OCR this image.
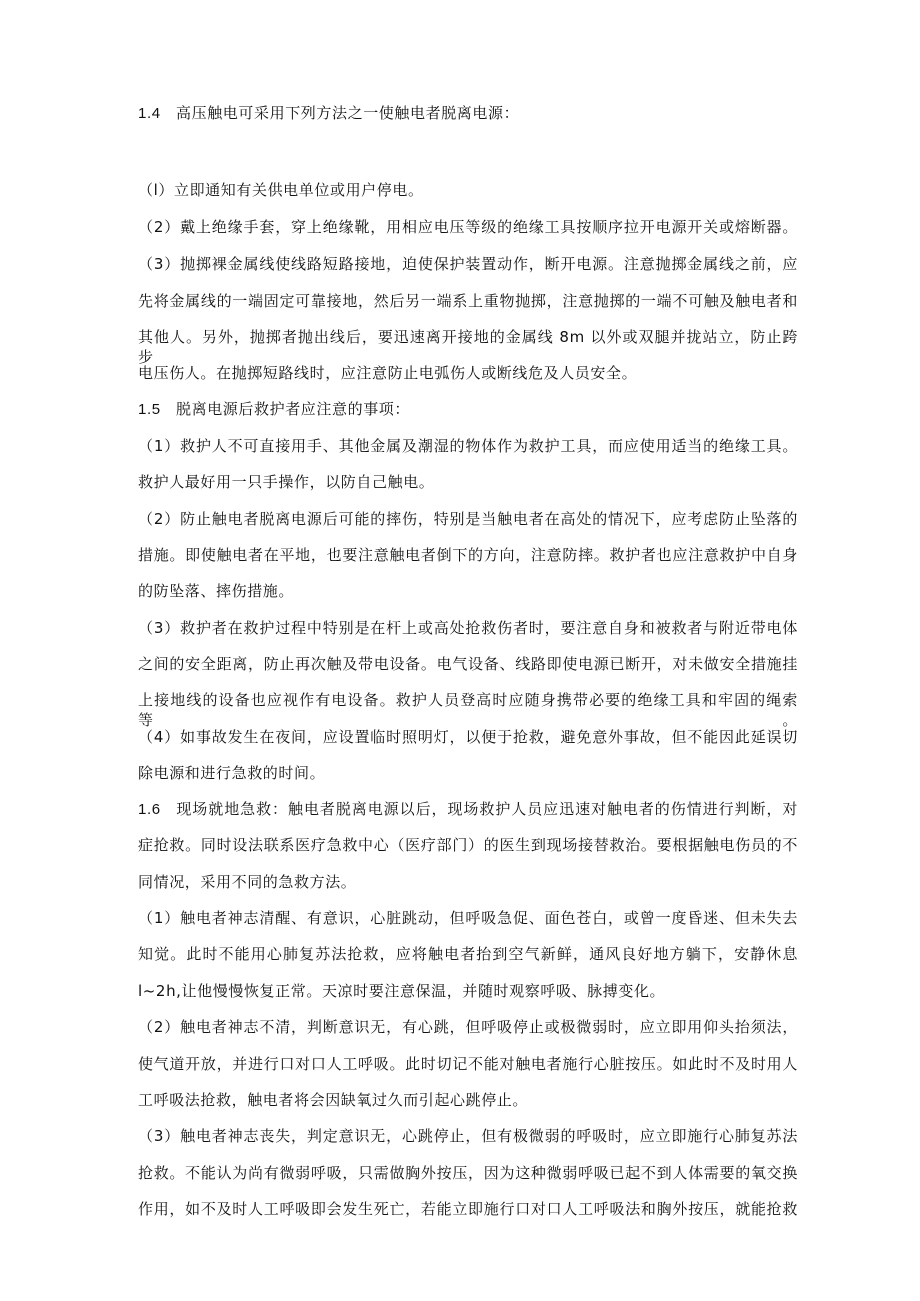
1.4 高压触电可采用下列方法之一使触电者脱离电源：
（l）立即通知有关供电单位或用户停电。
（2）戴上绝缘手套，穿上绝缘靴，用相应电压等级的绝缘工具按顺序拉开电源开关或熔断器。
（3）抛掷裸金属线使线路短路接地，迫使保护装置动作，断开电源。注意抛掷金属线之前，应
先将金属线的一端固定可靠接地，然后另一端系上重物抛掷，注意抛掷的一端不可触及触电者和
其他人。另外，抛掷者抛出线后，要迅速离开接地的金属线 8m 以外或双腿并拢站立，防止跨步
电压伤人。在抛掷短路线时，应注意防止电弧伤人或断线危及人员安全。
1.5 脱离电源后救护者应注意的事项：
（1）救护人不可直接用手、其他金属及潮湿的物体作为救护工具，而应使用适当的绝缘工具。
救护人最好用一只手操作，以防自己触电。
（2）防止触电者脱离电源后可能的摔伤，特别是当触电者在高处的情况下，应考虑防止坠落的
措施。即使触电者在平地，也要注意触电者倒下的方向，注意防摔。救护者也应注意救护中自身
的防坠落、摔伤措施。
（3）救护者在救护过程中特别是在杆上或高处抢救伤者时，要注意自身和被救者与附近带电体
之间的安全距离，防止再次触及带电设备。电气设备、线路即使电源已断开，对未做安全措施挂
上接地线的设备也应视作有电设备。救护人员登高时应随身携带必要的绝缘工具和牢固的绳索等。
（4）如事故发生在夜间，应设置临时照明灯，以便于抢救，避免意外事故，但不能因此延误切
除电源和进行急救的时间。
1.6 现场就地急救：触电者脱离电源以后，现场救护人员应迅速对触电者的伤情进行判断，对
症抢救。同时设法联系医疗急救中心（医疗部门）的医生到现场接替救治。要根据触电伤员的不
同情况，采用不同的急救方法。
（1）触电者神志清醒、有意识，心脏跳动，但呼吸急促、面色苍白，或曾一度昏迷、但未失去
知觉。此时不能用心肺复苏法抢救，应将触电者抬到空气新鲜，通风良好地方躺下，安静休息
l~2h,让他慢慢恢复正常。天凉时要注意保温，并随时观察呼吸、脉搏变化。
（2）触电者神志不清，判断意识无，有心跳，但呼吸停止或极微弱时，应立即用仰头抬须法，
使气道开放，并进行口对口人工呼吸。此时切记不能对触电者施行心脏按压。如此时不及时用人
工呼吸法抢救，触电者将会因缺氧过久而引起心跳停止。
（3）触电者神志丧失，判定意识无，心跳停止，但有极微弱的呼吸时，应立即施行心肺复苏法
抢救。不能认为尚有微弱呼吸，只需做胸外按压，因为这种微弱呼吸已起不到人体需要的氧交换
作用，如不及时人工呼吸即会发生死亡，若能立即施行口对口人工呼吸法和胸外按压，就能抢救
